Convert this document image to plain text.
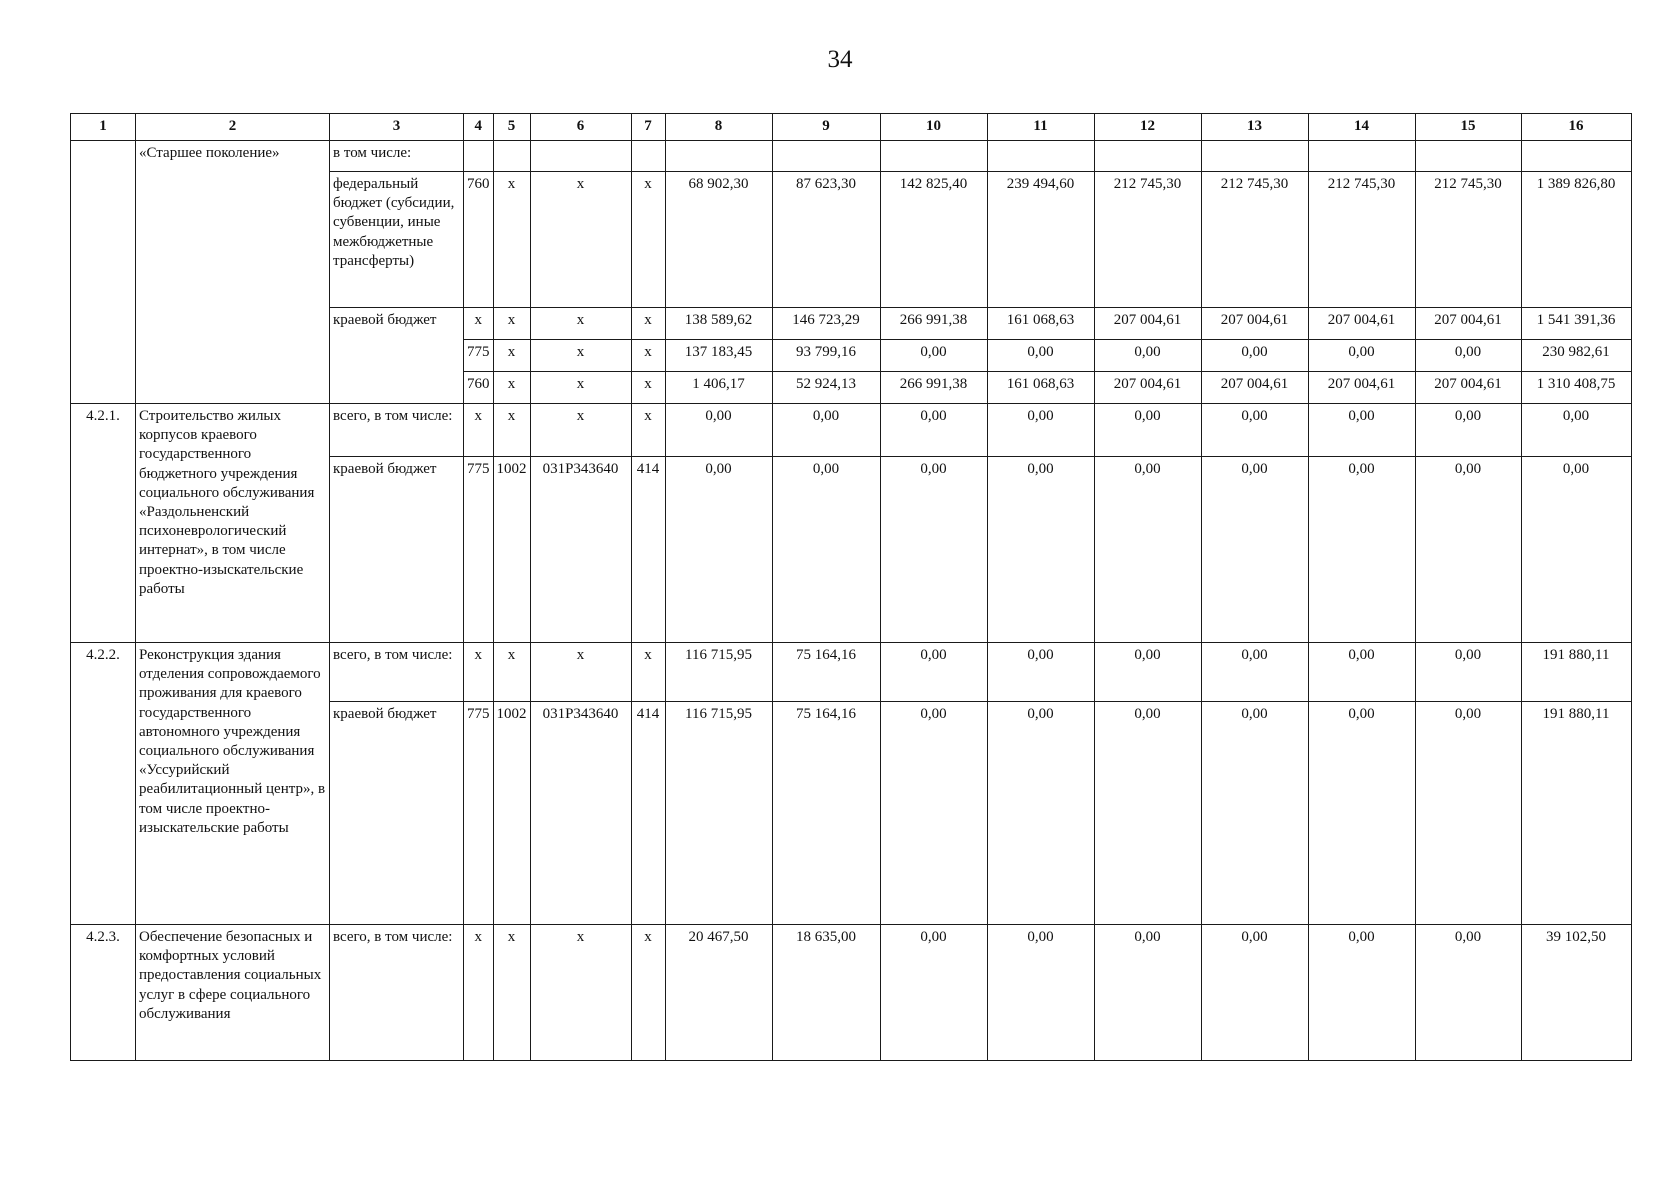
34
1	2	3	4	5	6	7	8	9	10	11	12	13	14	15	16
	«Старшее поколение»	в том числе:													
		федеральный бюджет (субсидии, субвенции, иные межбюджетные трансферты)	760	х	х	х	68 902,30	87 623,30	142 825,40	239 494,60	212 745,30	212 745,30	212 745,30	212 745,30	1 389 826,80
		краевой бюджет	х	х	х	х	138 589,62	146 723,29	266 991,38	161 068,63	207 004,61	207 004,61	207 004,61	207 004,61	1 541 391,36
			775	х	х	х	137 183,45	93 799,16	0,00	0,00	0,00	0,00	0,00	0,00	230 982,61
			760	х	х	х	1 406,17	52 924,13	266 991,38	161 068,63	207 004,61	207 004,61	207 004,61	207 004,61	1 310 408,75
4.2.1.	Строительство жилых корпусов краевого государственного бюджетного учреждения социального обслуживания «Раздольненский психоневрологический интернат», в том числе проектно-изыскательские работы	всего, в том числе:	х	х	х	х	0,00	0,00	0,00	0,00	0,00	0,00	0,00	0,00	0,00
		краевой бюджет	775	1002	031P343640	414	0,00	0,00	0,00	0,00	0,00	0,00	0,00	0,00	0,00
4.2.2.	Реконструкция здания отделения сопровождаемого проживания для краевого государственного автономного учреждения социального обслуживания «Уссурийский реабилитационный центр», в том числе проектно-изыскательские работы	всего, в том числе:	х	х	х	х	116 715,95	75 164,16	0,00	0,00	0,00	0,00	0,00	0,00	191 880,11
		краевой бюджет	775	1002	031P343640	414	116 715,95	75 164,16	0,00	0,00	0,00	0,00	0,00	0,00	191 880,11
4.2.3.	Обеспечение безопасных и комфортных условий предоставления социальных услуг в сфере социального обслуживания	всего, в том числе:	х	х	х	х	20 467,50	18 635,00	0,00	0,00	0,00	0,00	0,00	0,00	39 102,50
